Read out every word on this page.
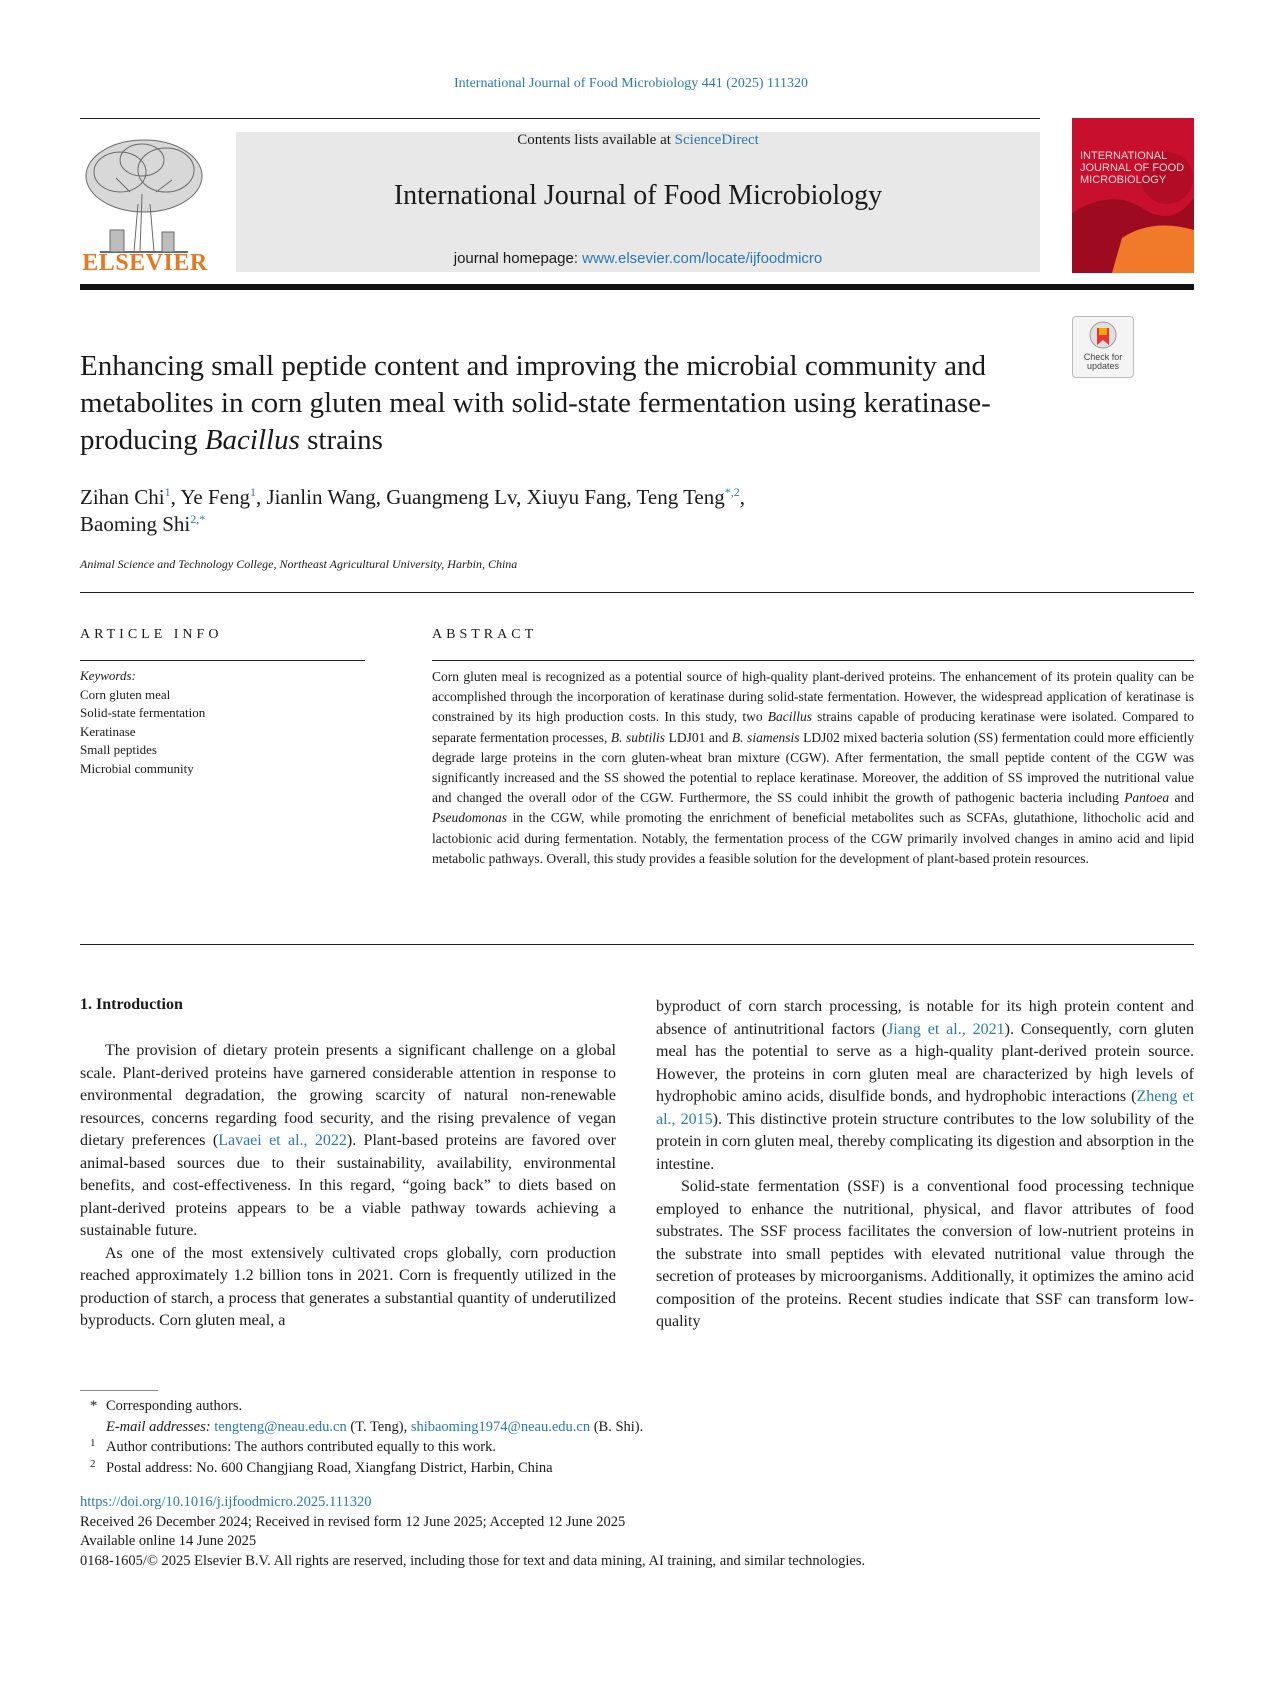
International Journal of Food Microbiology 441 (2025) 111320
ELSEVIER
Contents lists available at ScienceDirect
International Journal of Food Microbiology
journal homepage: www.elsevier.com/locate/ijfoodmicro
INTERNATIONAL JOURNAL OF FOOD MICROBIOLOGY
Check for updates
Enhancing small peptide content and improving the microbial community and metabolites in corn gluten meal with solid-state fermentation using keratinase-producing Bacillus strains
Zihan Chi$^1$, Ye Feng$^1$, Jianlin Wang, Guangmeng Lv, Xiuyu Fang, Teng Teng$^{*,2}$,
Baoming Shi$^{2,*}$
Animal Science and Technology College, Northeast Agricultural University, Harbin, China
ARTICLE INFO	ABSTRACT
Keywords:
Corn gluten meal
Solid-state fermentation
Keratinase
Small peptides
Microbial community
Corn gluten meal is recognized as a potential source of high-quality plant-derived proteins. The enhancement of its protein quality can be accomplished through the incorporation of keratinase during solid-state fermentation. However, the widespread application of keratinase is constrained by its high production costs. In this study, two Bacillus strains capable of producing keratinase were isolated. Compared to separate fermentation processes, B. subtilis LDJ01 and B. siamensis LDJ02 mixed bacteria solution (SS) fermentation could more efficiently degrade large proteins in the corn gluten-wheat bran mixture (CGW). After fermentation, the small peptide content of the CGW was significantly increased and the SS showed the potential to replace keratinase. Moreover, the addition of SS improved the nutritional value and changed the overall odor of the CGW. Furthermore, the SS could inhibit the growth of pathogenic bacteria including Pantoea and Pseudomonas in the CGW, while promoting the enrichment of beneficial metabolites such as SCFAs, glutathione, lithocholic acid and lactobionic acid during fermentation. Notably, the fermentation process of the CGW primarily involved changes in amino acid and lipid metabolic pathways. Overall, this study provides a feasible solution for the development of plant-based protein resources.
1. Introduction

The provision of dietary protein presents a significant challenge on a global scale. Plant-derived proteins have garnered considerable attention in response to environmental degradation, the growing scarcity of natural non-renewable resources, concerns regarding food security, and the rising prevalence of vegan dietary preferences (Lavaei et al., 2022). Plant-based proteins are favored over animal-based sources due to their sustainability, availability, environmental benefits, and cost-effectiveness. In this regard, “going back” to diets based on plant-derived proteins appears to be a viable pathway towards achieving a sustainable future.

As one of the most extensively cultivated crops globally, corn production reached approximately 1.2 billion tons in 2021. Corn is frequently utilized in the production of starch, a process that generates a substantial quantity of underutilized byproducts. Corn gluten meal, a

byproduct of corn starch processing, is notable for its high protein content and absence of antinutritional factors (Jiang et al., 2021). Consequently, corn gluten meal has the potential to serve as a high-quality plant-derived protein source. However, the proteins in corn gluten meal are characterized by high levels of hydrophobic amino acids, disulfide bonds, and hydrophobic interactions (Zheng et al., 2015). This distinctive protein structure contributes to the low solubility of the protein in corn gluten meal, thereby complicating its digestion and absorption in the intestine.

Solid-state fermentation (SSF) is a conventional food processing technique employed to enhance the nutritional, physical, and flavor attributes of food substrates. The SSF process facilitates the conversion of low-nutrient proteins in the substrate into small peptides with elevated nutritional value through the secretion of proteases by microorganisms. Additionally, it optimizes the amino acid composition of the proteins. Recent studies indicate that SSF can transform low-quality

* Corresponding authors.
E-mail addresses: tengteng@neau.edu.cn (T. Teng), shibaoming1974@neau.edu.cn (B. Shi).
1 Author contributions: The authors contributed equally to this work.
2 Postal address: No. 600 Changjiang Road, Xiangfang District, Harbin, China
https://doi.org/10.1016/j.ijfoodmicro.2025.111320
Received 26 December 2024; Received in revised form 12 June 2025; Accepted 12 June 2025
Available online 14 June 2025
0168-1605/© 2025 Elsevier B.V. All rights are reserved, including those for text and data mining, AI training, and similar technologies.
